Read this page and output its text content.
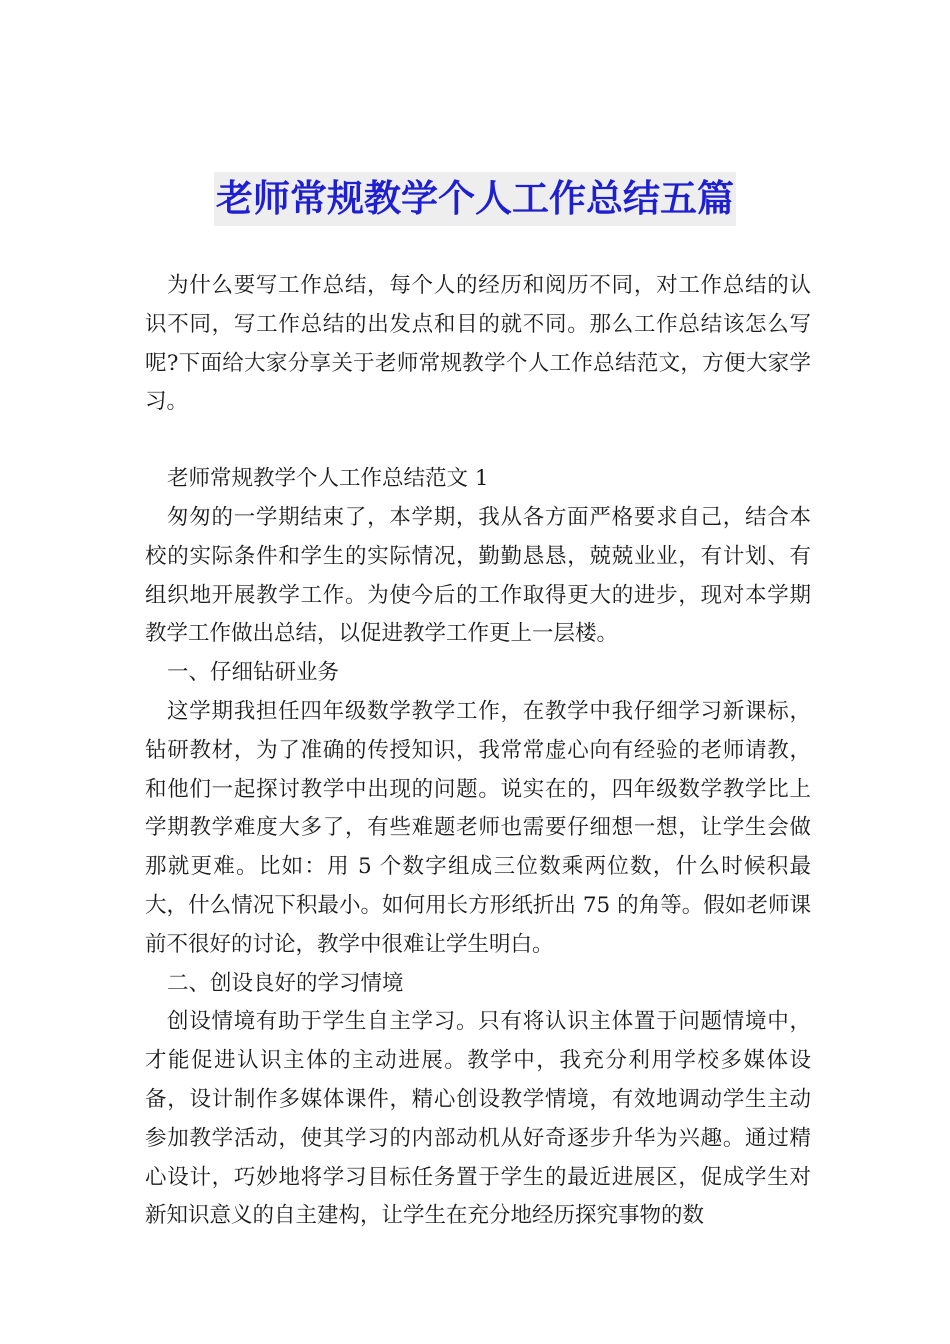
老师常规教学个人工作总结五篇

为什么要写工作总结，每个人的经历和阅历不同，对工作总结的认识不同，写工作总结的出发点和目的就不同。那么工作总结该怎么写呢?下面给大家分享关于老师常规教学个人工作总结范文，方便大家学习。

老师常规教学个人工作总结范文 1

匆匆的一学期结束了，本学期，我从各方面严格要求自己，结合本校的实际条件和学生的实际情况，勤勤恳恳，兢兢业业，有计划、有组织地开展教学工作。为使今后的工作取得更大的进步，现对本学期教学工作做出总结，以促进教学工作更上一层楼。

一、仔细钻研业务

这学期我担任四年级数学教学工作，在教学中我仔细学习新课标，钻研教材，为了准确的传授知识，我常常虚心向有经验的老师请教，和他们一起探讨教学中出现的问题。说实在的，四年级数学教学比上学期教学难度大多了，有些难题老师也需要仔细想一想，让学生会做那就更难。比如：用 5 个数字组成三位数乘两位数，什么时候积最大，什么情况下积最小。如何用长方形纸折出 75 的角等。假如老师课前不很好的讨论，教学中很难让学生明白。

二、创设良好的学习情境

创设情境有助于学生自主学习。只有将认识主体置于问题情境中，才能促进认识主体的主动进展。教学中，我充分利用学校多媒体设备，设计制作多媒体课件，精心创设教学情境，有效地调动学生主动参加教学活动，使其学习的内部动机从好奇逐步升华为兴趣。通过精心设计，巧妙地将学习目标任务置于学生的最近进展区，促成学生对新知识意义的自主建构，让学生在充分地经历探究事物的数
